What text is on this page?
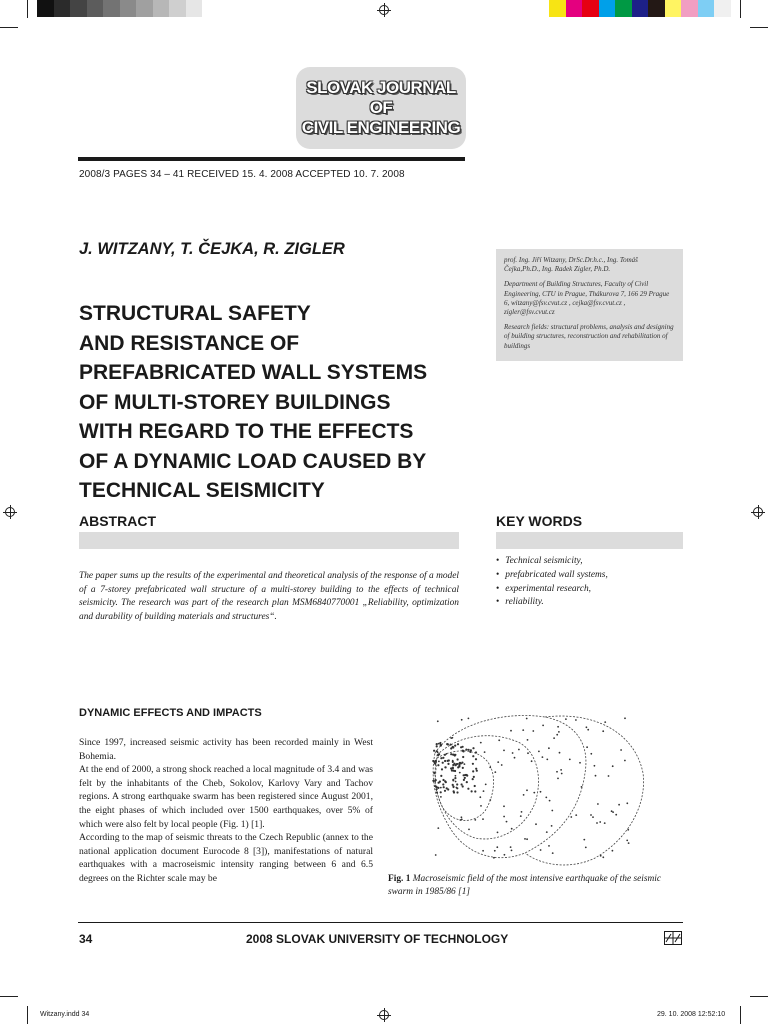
SLOVAK JOURNAL
OF
CIVIL ENGINEERING
2008/3 PAGES 34 – 41 RECEIVED 15. 4. 2008 ACCEPTED 10. 7. 2008
J. WITZANY, T. ČEJKA, R. ZIGLER
STRUCTURAL SAFETY
AND RESISTANCE OF
PREFABRICATED WALL SYSTEMS
OF MULTI-STOREY BUILDINGS
WITH REGARD TO THE EFFECTS
OF A DYNAMIC LOAD CAUSED BY
TECHNICAL SEISMICITY

prof. Ing. Jiří Witzany, DrSc.Dr.h.c., Ing. Tomáš Čejka,Ph.D., Ing. Radek Zigler, Ph.D.

Department of Building Structures, Faculty of Civil Engineering, CTU in Prague, Thákurova 7, 166 29 Prague 6, witzany@fsv.cvut.cz , cejka@fsv.cvut.cz , zigler@fsv.cvut.cz

Research fields: structural problems, analysis and designing of building structures, reconstruction and rehabilitation of buildings

ABSTRACT	KEY WORDS
The paper sums up the results of the experimental and theoretical analysis of the response of a model of a 7-storey prefabricated wall structure of a multi-storey building to the effects of technical seismicity. The research was part of the research plan MSM6840770001 „Reliability, optimization and durability of building materials and structures“.
• Technical seismicity,
• prefabricated wall systems,
• experimental research,
• reliability.
DYNAMIC EFFECTS AND IMPACTS

Since 1997, increased seismic activity has been recorded mainly in West Bohemia.

At the end of 2000, a strong shock reached a local magnitude of 3.4 and was felt by the inhabitants of the Cheb, Sokolov, Karlovy Vary and Tachov regions. A strong earthquake swarm has been registered since August 2001, the eight phases of which included over 1500 earthquakes, over 5% of which were also felt by local people (Fig. 1) [1].

According to the map of seismic threats to the Czech Republic (annex to the national application document Eurocode 8 [3]), manifestations of natural earthquakes with a macroseismic intensity ranging between 6 and 6.5 degrees on the Richter scale may be	Fig. 1 Macroseismic field of the most intensive earthquake of the seismic swarm in 1985/86 [1]
34	2008 SLOVAK UNIVERSITY OF TECHNOLOGY
Witzany.indd 34	29. 10. 2008 12:52:10
